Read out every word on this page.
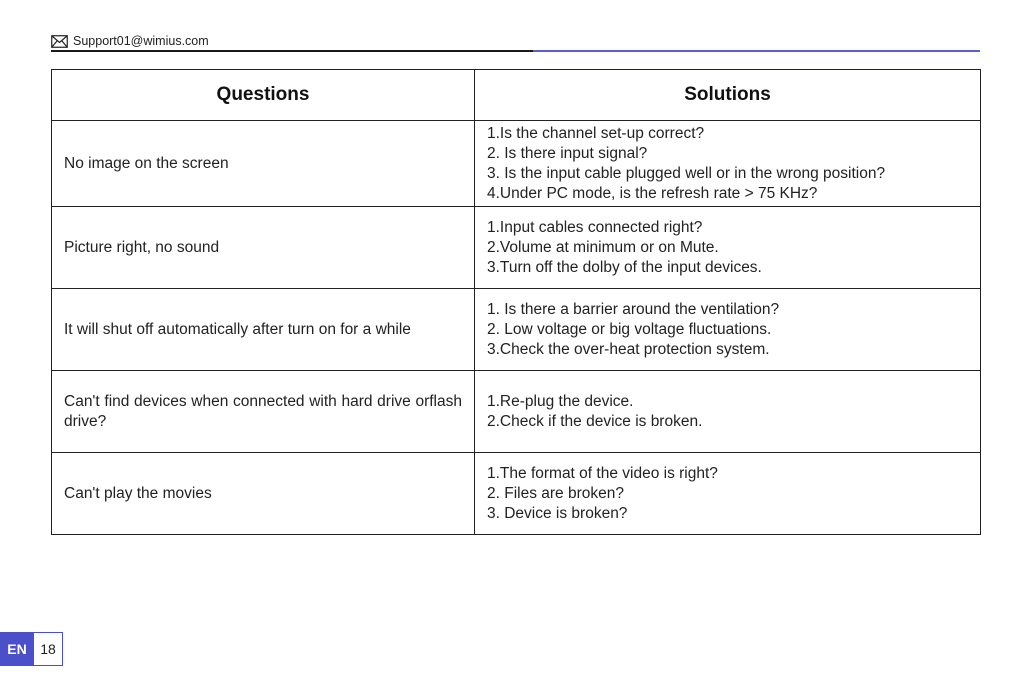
Support01@wimius.com
Questions	Solutions
No image on the screen	1.Is the channel set-up correct?
2. Is there input signal?
3. Is the input cable plugged well or in the wrong position?
4.Under PC mode, is the refresh rate > 75 KHz?

Picture right, no sound	1.Input cables connected right?
2.Volume at minimum or on Mute.
3.Turn off the dolby of the input devices.

It will shut off automatically after turn on for a while	1. Is there a barrier around the ventilation?
2. Low voltage or big voltage fluctuations.
3.Check the over-heat protection system.

Can't find devices when connected with hard drive orflash drive?	1.Re-plug the device.
2.Check if the device is broken.

Can't play the movies	1.The format of the video is right?
2. Files are broken?
3. Device is broken?
EN 18
